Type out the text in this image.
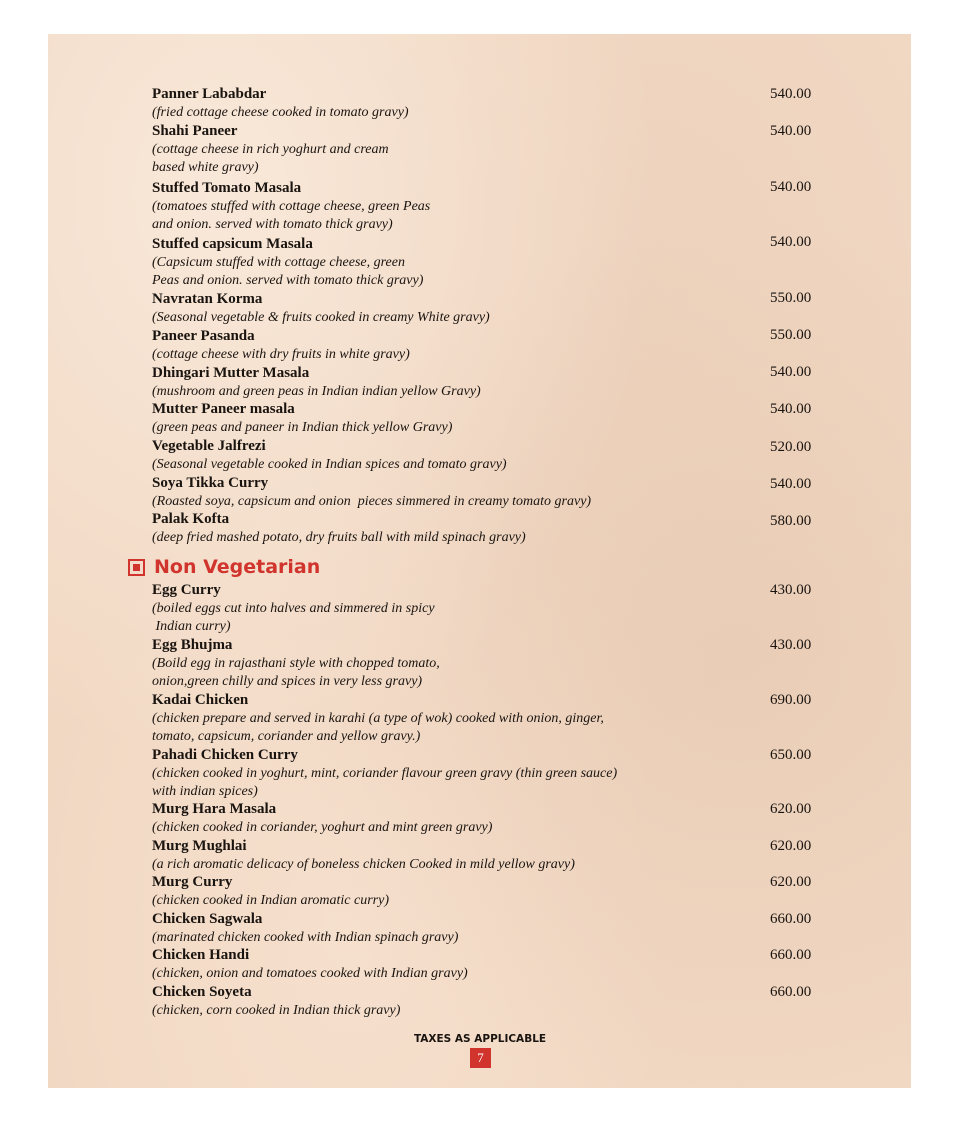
Panner Lababdar	540.00
(fried cottage cheese cooked in tomato gravy)
Shahi Paneer	540.00
(cottage cheese in rich yoghurt and cream
based white gravy)
Stuffed Tomato Masala	540.00
(tomatoes stuffed with cottage cheese, green Peas
and onion. served with tomato thick gravy)
Stuffed capsicum Masala	540.00
(Capsicum stuffed with cottage cheese, green
Peas and onion. served with tomato thick gravy)
Navratan Korma	550.00
(Seasonal vegetable & fruits cooked in creamy White gravy)
Paneer Pasanda	550.00
(cottage cheese with dry fruits in white gravy)
Dhingari Mutter Masala	540.00
(mushroom and green peas in Indian indian yellow Gravy)
Mutter Paneer masala	540.00
(green peas and paneer in Indian thick yellow Gravy)
Vegetable Jalfrezi	520.00
(Seasonal vegetable cooked in Indian spices and tomato gravy)
Soya Tikka Curry	540.00
(Roasted soya, capsicum and onion  pieces simmered in creamy tomato gravy)
Palak Kofta	580.00
(deep fried mashed potato, dry fruits ball with mild spinach gravy)
Non Vegetarian
Egg Curry	430.00
(boiled eggs cut into halves and simmered in spicy
Indian curry)
Egg Bhujma	430.00
(Boild egg in rajasthani style with chopped tomato,
onion,green chilly and spices in very less gravy)
Kadai Chicken	690.00
(chicken prepare and served in karahi (a type of wok) cooked with onion, ginger,
tomato, capsicum, coriander and yellow gravy.)
Pahadi Chicken Curry	650.00
(chicken cooked in yoghurt, mint, coriander flavour green gravy (thin green sauce)
with indian spices)
Murg Hara Masala	620.00
(chicken cooked in coriander, yoghurt and mint green gravy)
Murg Mughlai	620.00
(a rich aromatic delicacy of boneless chicken Cooked in mild yellow gravy)
Murg Curry	620.00
(chicken cooked in Indian aromatic curry)
Chicken Sagwala	660.00
(marinated chicken cooked with Indian spinach gravy)
Chicken Handi	660.00
(chicken, onion and tomatoes cooked with Indian gravy)
Chicken Soyeta	660.00
(chicken, corn cooked in Indian thick gravy)
TAXES AS APPLICABLE
7
